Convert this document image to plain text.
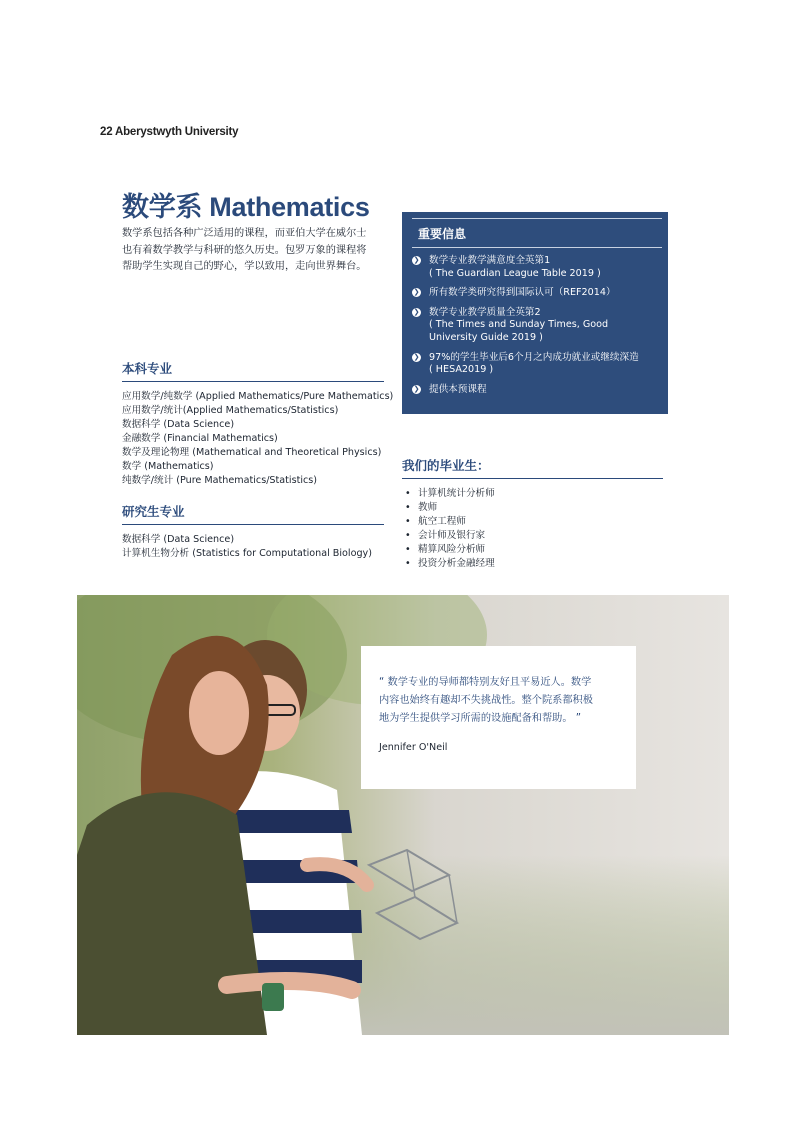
22 Aberystwyth University
数学系 Mathematics
数学系包括各种广泛适用的课程，而亚伯大学在威尔士
也有着数学教学与科研的悠久历史。包罗万象的课程将
帮助学生实现自己的野心，学以致用，走向世界舞台。
重要信息
❯ 数学专业教学满意度全英第1
( The Guardian League Table 2019 )
❯ 所有数学类研究得到国际认可（REF2014）
❯ 数学专业教学质量全英第2
( The Times and Sunday Times, Good
University Guide 2019 )
❯ 97%的学生毕业后6个月之内成功就业或继续深造
( HESA2019 )
❯ 提供本预课程
本科专业
应用数学/纯数学 (Applied Mathematics/Pure Mathematics)
应用数学/统计(Applied Mathematics/Statistics)
数据科学 (Data Science)
金融数学 (Financial Mathematics)
数学及理论物理 (Mathematical and Theoretical Physics)
数学 (Mathematics)
纯数学/统计 (Pure Mathematics/Statistics)
研究生专业
数据科学 (Data Science)
计算机生物分析 (Statistics for Computational Biology)
我们的毕业生：
• 计算机统计分析师
• 教师
• 航空工程师
• 会计师及银行家
• 精算风险分析师
• 投资分析金融经理
“ 数学专业的导师都特别友好且平易近人。数学
内容也始终有趣却不失挑战性。整个院系都积极
地为学生提供学习所需的设施配备和帮助。 ”
Jennifer O'Neil
